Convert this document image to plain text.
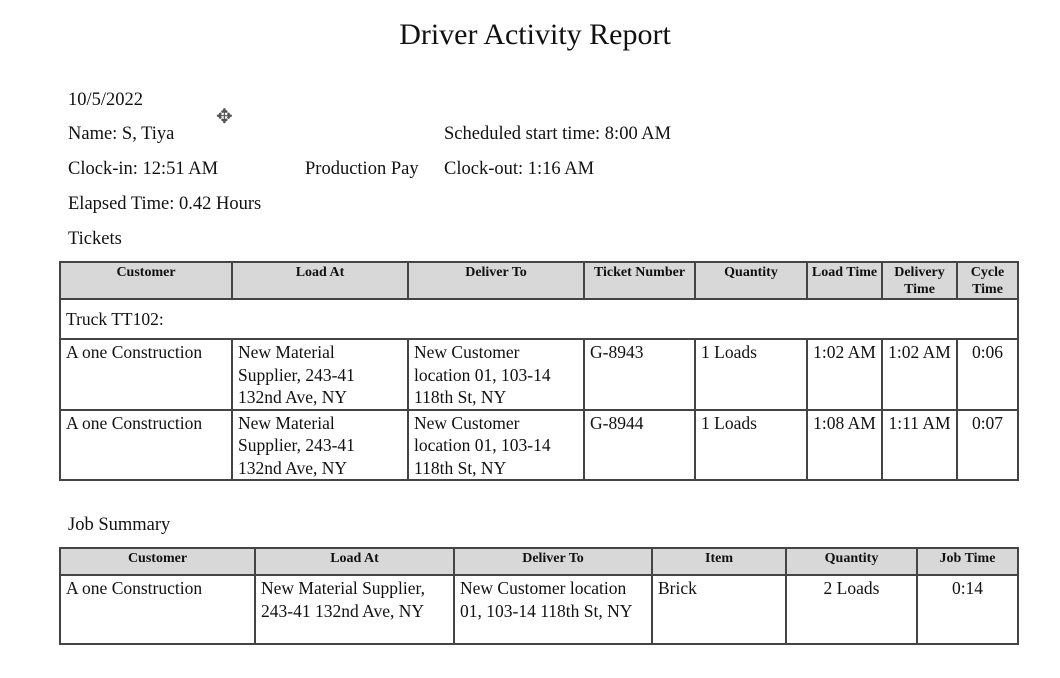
Driver Activity Report
10/5/2022
✥
Name: S, Tiya	Scheduled start time: 8:00 AM
Clock-in: 12:51 AM	Production Pay Clock-out: 1:16 AM
Elapsed Time: 0.42 Hours
Tickets
Customer	Load At	Deliver To	Ticket Number	Quantity	Load Time	Delivery Time	Cycle Time
Truck TT102:							
A one Construction	New Material Supplier, 243-41 132nd Ave, NY	New Customer location 01, 103-14 118th St, NY	G-8943	1 Loads	1:02 AM	1:02 AM	0:06
A one Construction	New Material Supplier, 243-41 132nd Ave, NY	New Customer location 01, 103-14 118th St, NY	G-8944	1 Loads	1:08 AM	1:11 AM	0:07
Job Summary
Customer	Load At	Deliver To	Item	Quantity	Job Time
A one Construction	New Material Supplier, 243-41 132nd Ave, NY	New Customer location 01, 103-14 118th St, NY	Brick	2 Loads	0:14
